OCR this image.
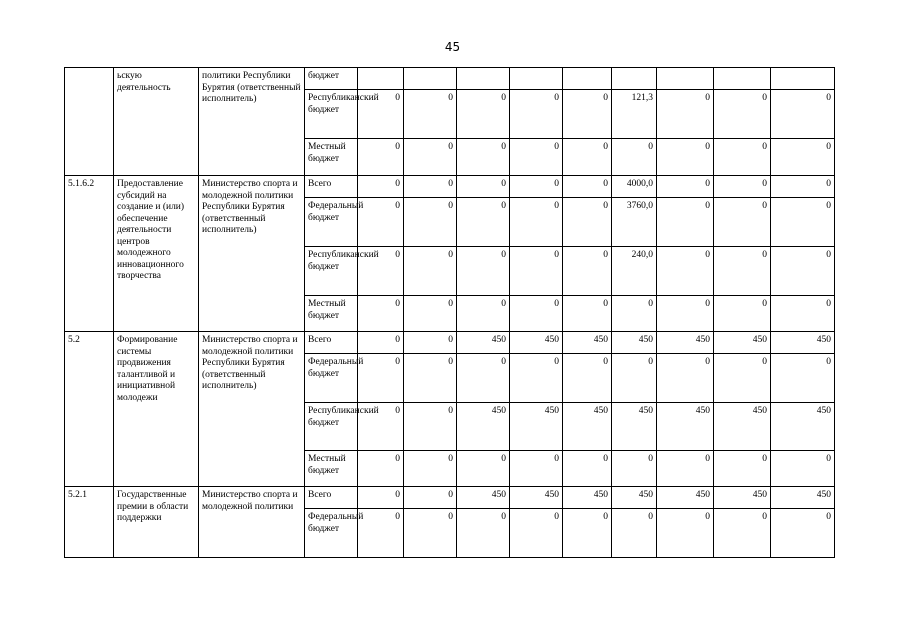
45
	ьскую деятельность	политики Республики Бурятия (ответственный исполнитель)	бюджет									
			Республиканский бюджет	0	0	0	0	0	121,3	0	0	0
			Местный бюджет	0	0	0	0	0	0	0	0	0
5.1.6.2	Предоставление субсидий на создание и (или) обеспечение деятельности центров молодежного инновационного творчества	Министерство спорта и молодежной политики Республики Бурятия (ответственный исполнитель)	Всего	0	0	0	0	0	4000,0	0	0	0
			Федеральный бюджет	0	0	0	0	0	3760,0	0	0	0
			Республиканский бюджет	0	0	0	0	0	240,0	0	0	0
			Местный бюджет	0	0	0	0	0	0	0	0	0
5.2	Формирование системы продвижения талантливой и инициативной молодежи	Министерство спорта и молодежной политики Республики Бурятия (ответственный исполнитель)	Всего	0	0	450	450	450	450	450	450	450
			Федеральный бюджет	0	0	0	0	0	0	0	0	0
			Республиканский бюджет	0	0	450	450	450	450	450	450	450
			Местный бюджет	0	0	0	0	0	0	0	0	0
5.2.1	Государственные премии в области поддержки	Министерство спорта и молодежной политики	Всего	0	0	450	450	450	450	450	450	450
			Федеральный бюджет	0	0	0	0	0	0	0	0	0
